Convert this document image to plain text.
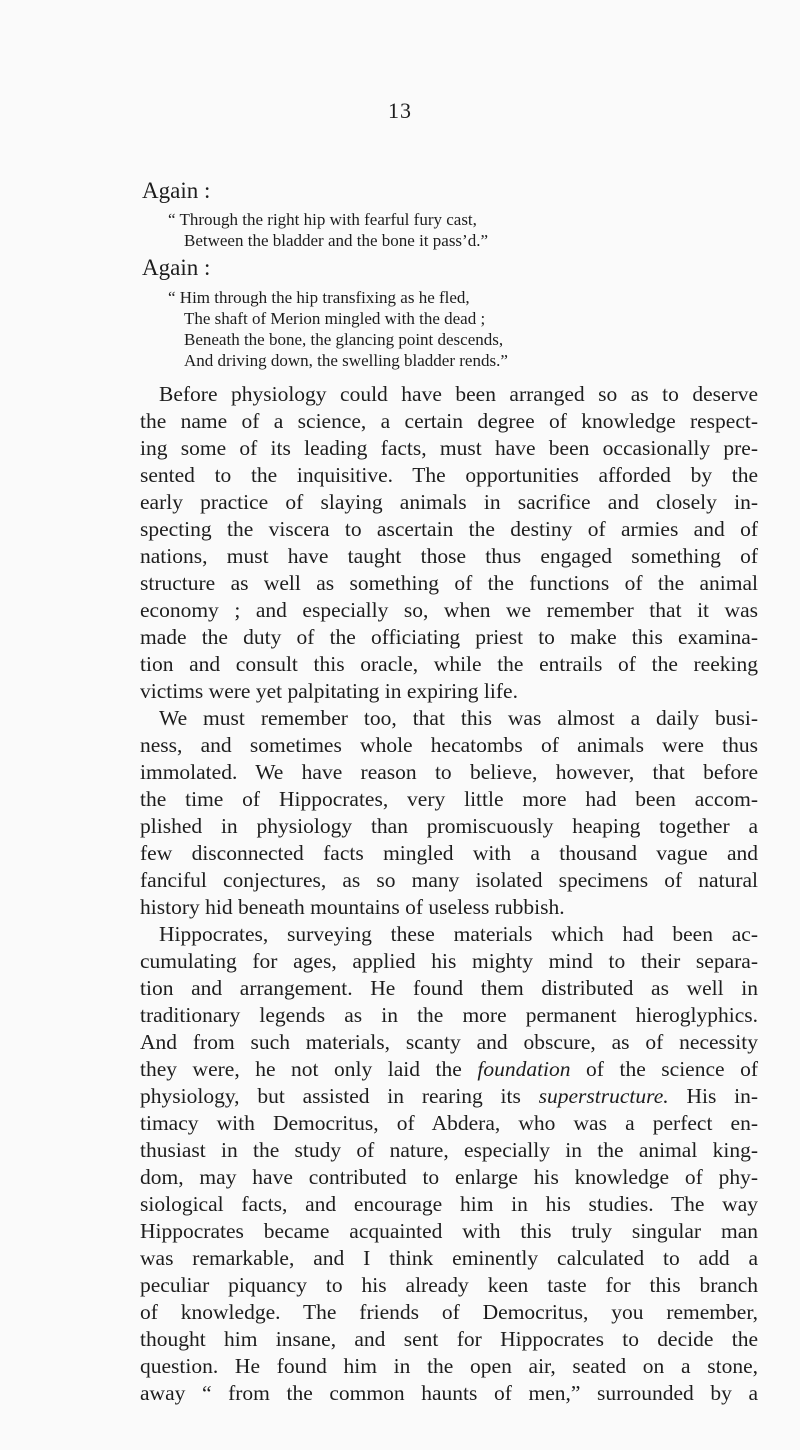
13
Again :
“ Through the right hip with fearful fury cast,
Between the bladder and the bone it pass’d.”
Again :
“ Him through the hip transfixing as he fled,
The shaft of Merion mingled with the dead ;
Beneath the bone, the glancing point descends,
And driving down, the swelling bladder rends.”
Before physiology could have been arranged so as to deserve
the name of a science, a certain degree of knowledge respect-
ing some of its leading facts, must have been occasionally pre-
sented to the inquisitive. The opportunities afforded by the
early practice of slaying animals in sacrifice and closely in-
specting the viscera to ascertain the destiny of armies and of
nations, must have taught those thus engaged something of
structure as well as something of the functions of the animal
economy ; and especially so, when we remember that it was
made the duty of the officiating priest to make this examina-
tion and consult this oracle, while the entrails of the reeking
victims were yet palpitating in expiring life.
We must remember too, that this was almost a daily busi-
ness, and sometimes whole hecatombs of animals were thus
immolated. We have reason to believe, however, that before
the time of Hippocrates, very little more had been accom-
plished in physiology than promiscuously heaping together a
few disconnected facts mingled with a thousand vague and
fanciful conjectures, as so many isolated specimens of natural
history hid beneath mountains of useless rubbish.
Hippocrates, surveying these materials which had been ac-
cumulating for ages, applied his mighty mind to their separa-
tion and arrangement. He found them distributed as well in
traditionary legends as in the more permanent hieroglyphics.
And from such materials, scanty and obscure, as of necessity
they were, he not only laid the foundation of the science of
physiology, but assisted in rearing its superstructure. His in-
timacy with Democritus, of Abdera, who was a perfect en-
thusiast in the study of nature, especially in the animal king-
dom, may have contributed to enlarge his knowledge of phy-
siological facts, and encourage him in his studies. The way
Hippocrates became acquainted with this truly singular man
was remarkable, and I think eminently calculated to add a
peculiar piquancy to his already keen taste for this branch
of knowledge. The friends of Democritus, you remember,
thought him insane, and sent for Hippocrates to decide the
question. He found him in the open air, seated on a stone,
away “ from the common haunts of men,” surrounded by a
